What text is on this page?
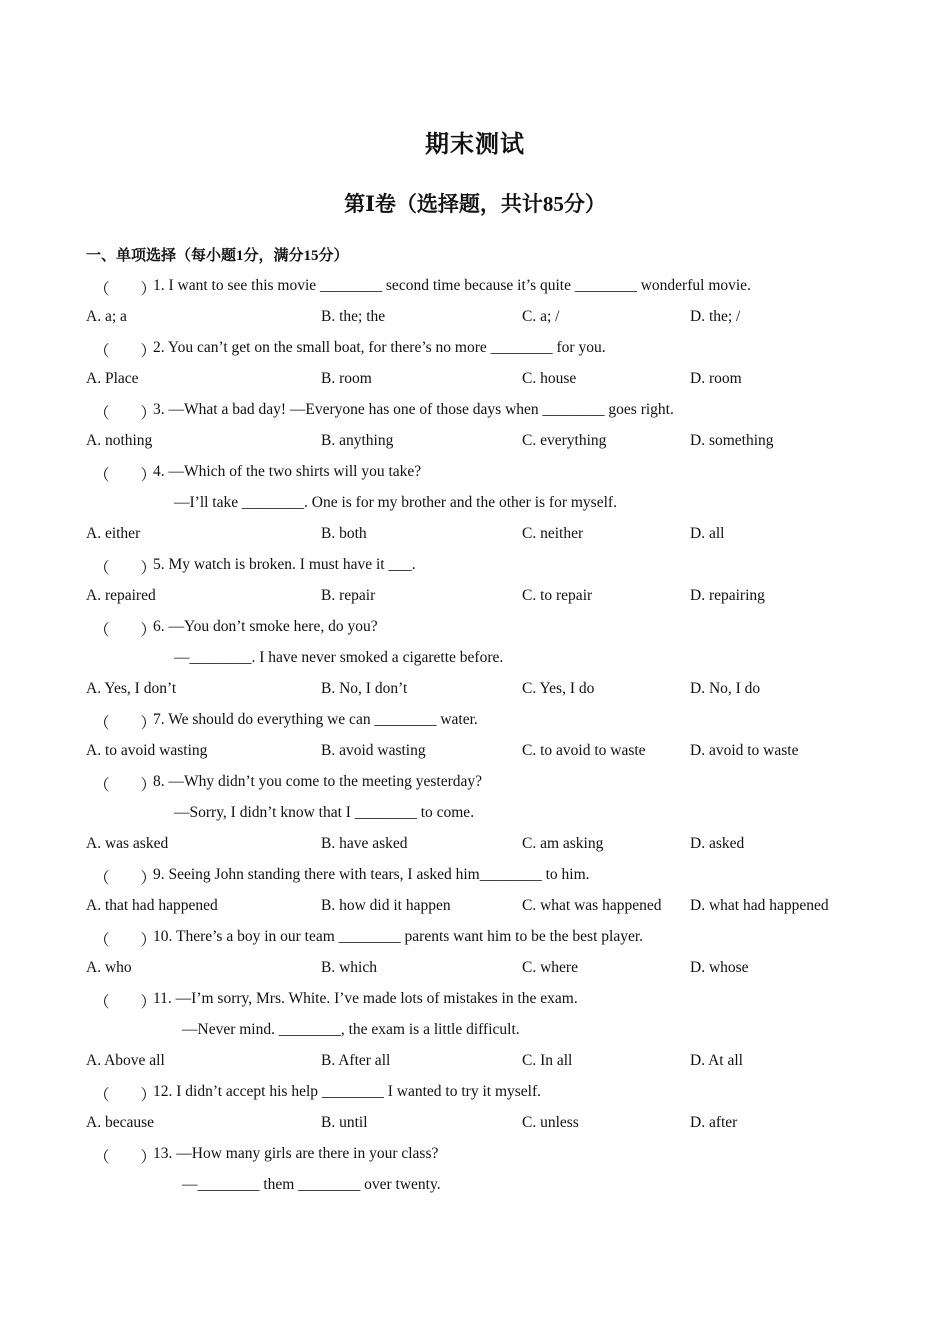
期末测试
第Ⅰ卷（选择题，共计85分）
一、单项选择（每小题1分，满分15分）
（　　）
1. I want to see this movie ________ second time because it’s quite ________ wonderful movie.
A. a; a	B. the; the	C. a; /	D. the; /
（　　）
2. You can’t get on the small boat, for there’s no more ________ for you.
A. Place	B. room	C. house	D. room
（　　）
3. —What a bad day! —Everyone has one of those days when ________ goes right.
A. nothing	B. anything	C. everything	D. something
（　　）
4. —Which of the two shirts will you take?
—I’ll take ________. One is for my brother and the other is for myself.
A. either	B. both	C. neither	D. all
（　　）
5. My watch is broken. I must have it ___.
A. repaired	B. repair	C. to repair	D. repairing
（　　）
6. —You don’t smoke here, do you?
—________. I have never smoked a cigarette before.
A. Yes, I don’t	B. No, I don’t	C. Yes, I do	D. No, I do
（　　）
7. We should do everything we can ________ water.
A. to avoid wasting	B. avoid wasting	C. to avoid to waste	D. avoid to waste
（　　）
8. —Why didn’t you come to the meeting yesterday?
—Sorry, I didn’t know that I ________ to come.
A. was asked	B. have asked	C. am asking	D. asked
（　　）
9. Seeing John standing there with tears, I asked him________ to him.
A. that had happened	B. how did it happen	C. what was happened D. what had happened
（　　）
10. There’s a boy in our team ________ parents want him to be the best player.
A. who	B. which	C. where	D. whose
（　　）
11. —I’m sorry, Mrs. White. I’ve made lots of mistakes in the exam.
—Never mind. ________, the exam is a little difficult.
A. Above all	B. After all	C. In all	D. At all
（　　）
12. I didn’t accept his help ________ I wanted to try it myself.
A. because	B. until	C. unless	D. after
（　　）
13. —How many girls are there in your class?
—________ them ________ over twenty.
